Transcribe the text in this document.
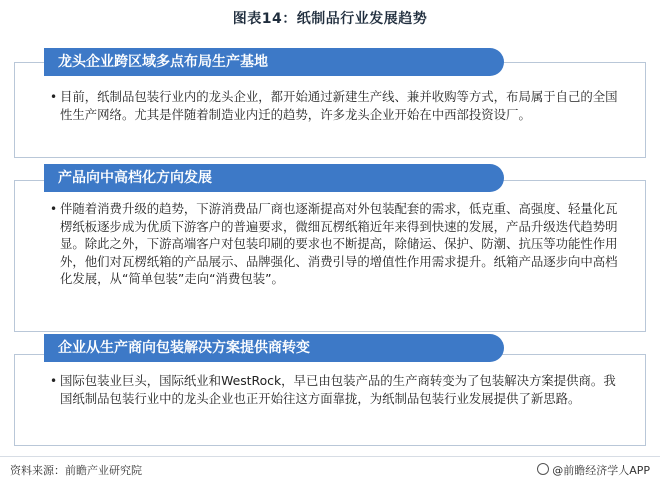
图表14：纸制品行业发展趋势
龙头企业跨区域多点布局生产基地
• 目前，纸制品包装行业内的龙头企业，都开始通过新建生产线、兼并收购等方式，布局属于自己的全国性生产网络。尤其是伴随着制造业内迁的趋势，许多龙头企业开始在中西部投资设厂。
产品向中高档化方向发展
• 伴随着消费升级的趋势，下游消费品厂商也逐渐提高对外包装配套的需求，低克重、高强度、轻量化瓦楞纸板逐步成为优质下游客户的普遍要求，微细瓦楞纸箱近年来得到快速的发展，产品升级迭代趋势明显。除此之外，下游高端客户对包装印刷的要求也不断提高，除储运、保护、防潮、抗压等功能性作用外，他们对瓦楞纸箱的产品展示、品牌强化、消费引导的增值性作用需求提升。纸箱产品逐步向中高档化发展，从“简单包装”走向“消费包装”。
企业从生产商向包装解决方案提供商转变
• 国际包装业巨头，国际纸业和WestRock，早已由包装产品的生产商转变为了包装解决方案提供商。我国纸制品包装行业中的龙头企业也正开始往这方面靠拢，为纸制品包装行业发展提供了新思路。
资料来源：前瞻产业研究院	@前瞻经济学人APP
